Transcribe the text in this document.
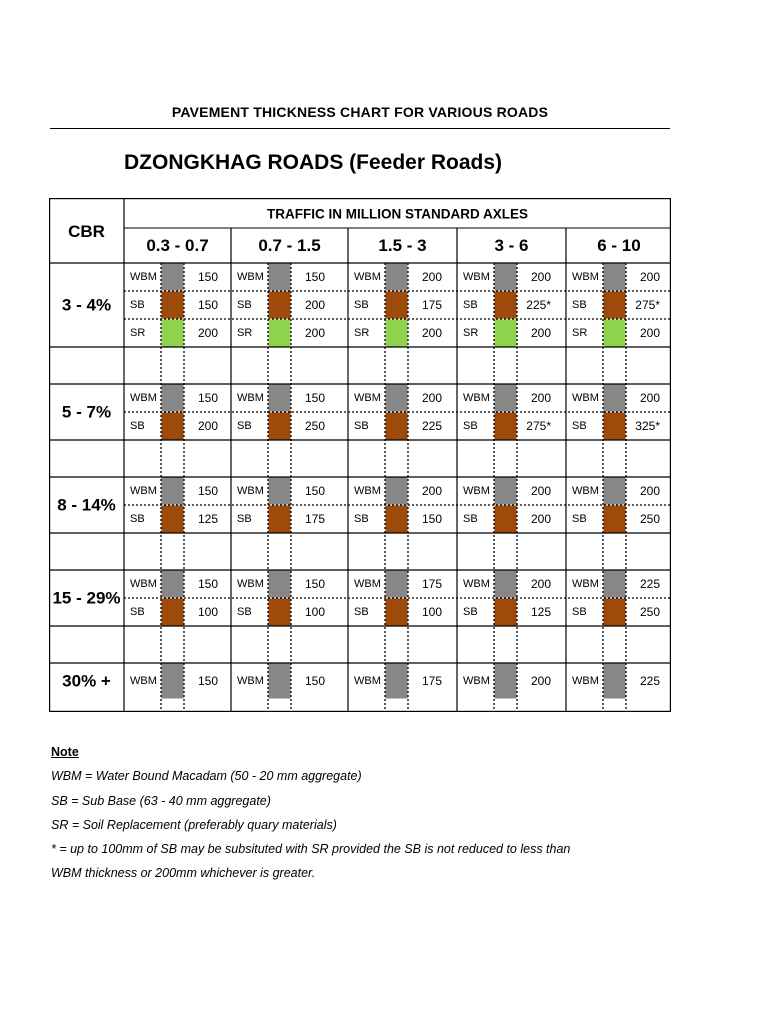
PAVEMENT THICKNESS CHART FOR VARIOUS ROADS
DZONGKHAG ROADS (Feeder Roads)
TRAFFIC IN MILLION STANDARD AXLES
CBR
0.3 - 0.7	0.7 - 1.5	1.5 - 3	3 - 6	6 - 10
3 - 4%
WBM	150 WBM	150	WBM	200 WBM	200 WBM	200
SB	150 SB	200	SB	175 SB	225* SB	275*
SR	200 SR	200	SR	200 SR	200 SR	200
5 - 7%
WBM	150 WBM	150	WBM	200 WBM	200 WBM	200
SB	200 SB	250	SB	225 SB	275* SB	325*
8 - 14%
WBM	150 WBM	150	WBM	200 WBM	200 WBM	200
SB	125 SB	175	SB	150 SB	200 SB	250
15 - 29%
WBM	150 WBM	150	WBM	175 WBM	200 WBM	225
SB	100 SB	100	SB	100 SB	125 SB	250
30% + WBM	150 WBM	150	WBM	175 WBM	200 WBM	225
Note
WBM = Water Bound Macadam (50 - 20 mm aggregate)
SB = Sub Base (63 - 40 mm aggregate)
SR = Soil Replacement (preferably quary materials)
* = up to 100mm of SB may be subsituted with SR provided the SB is not reduced to less than
WBM thickness or 200mm whichever is greater.
